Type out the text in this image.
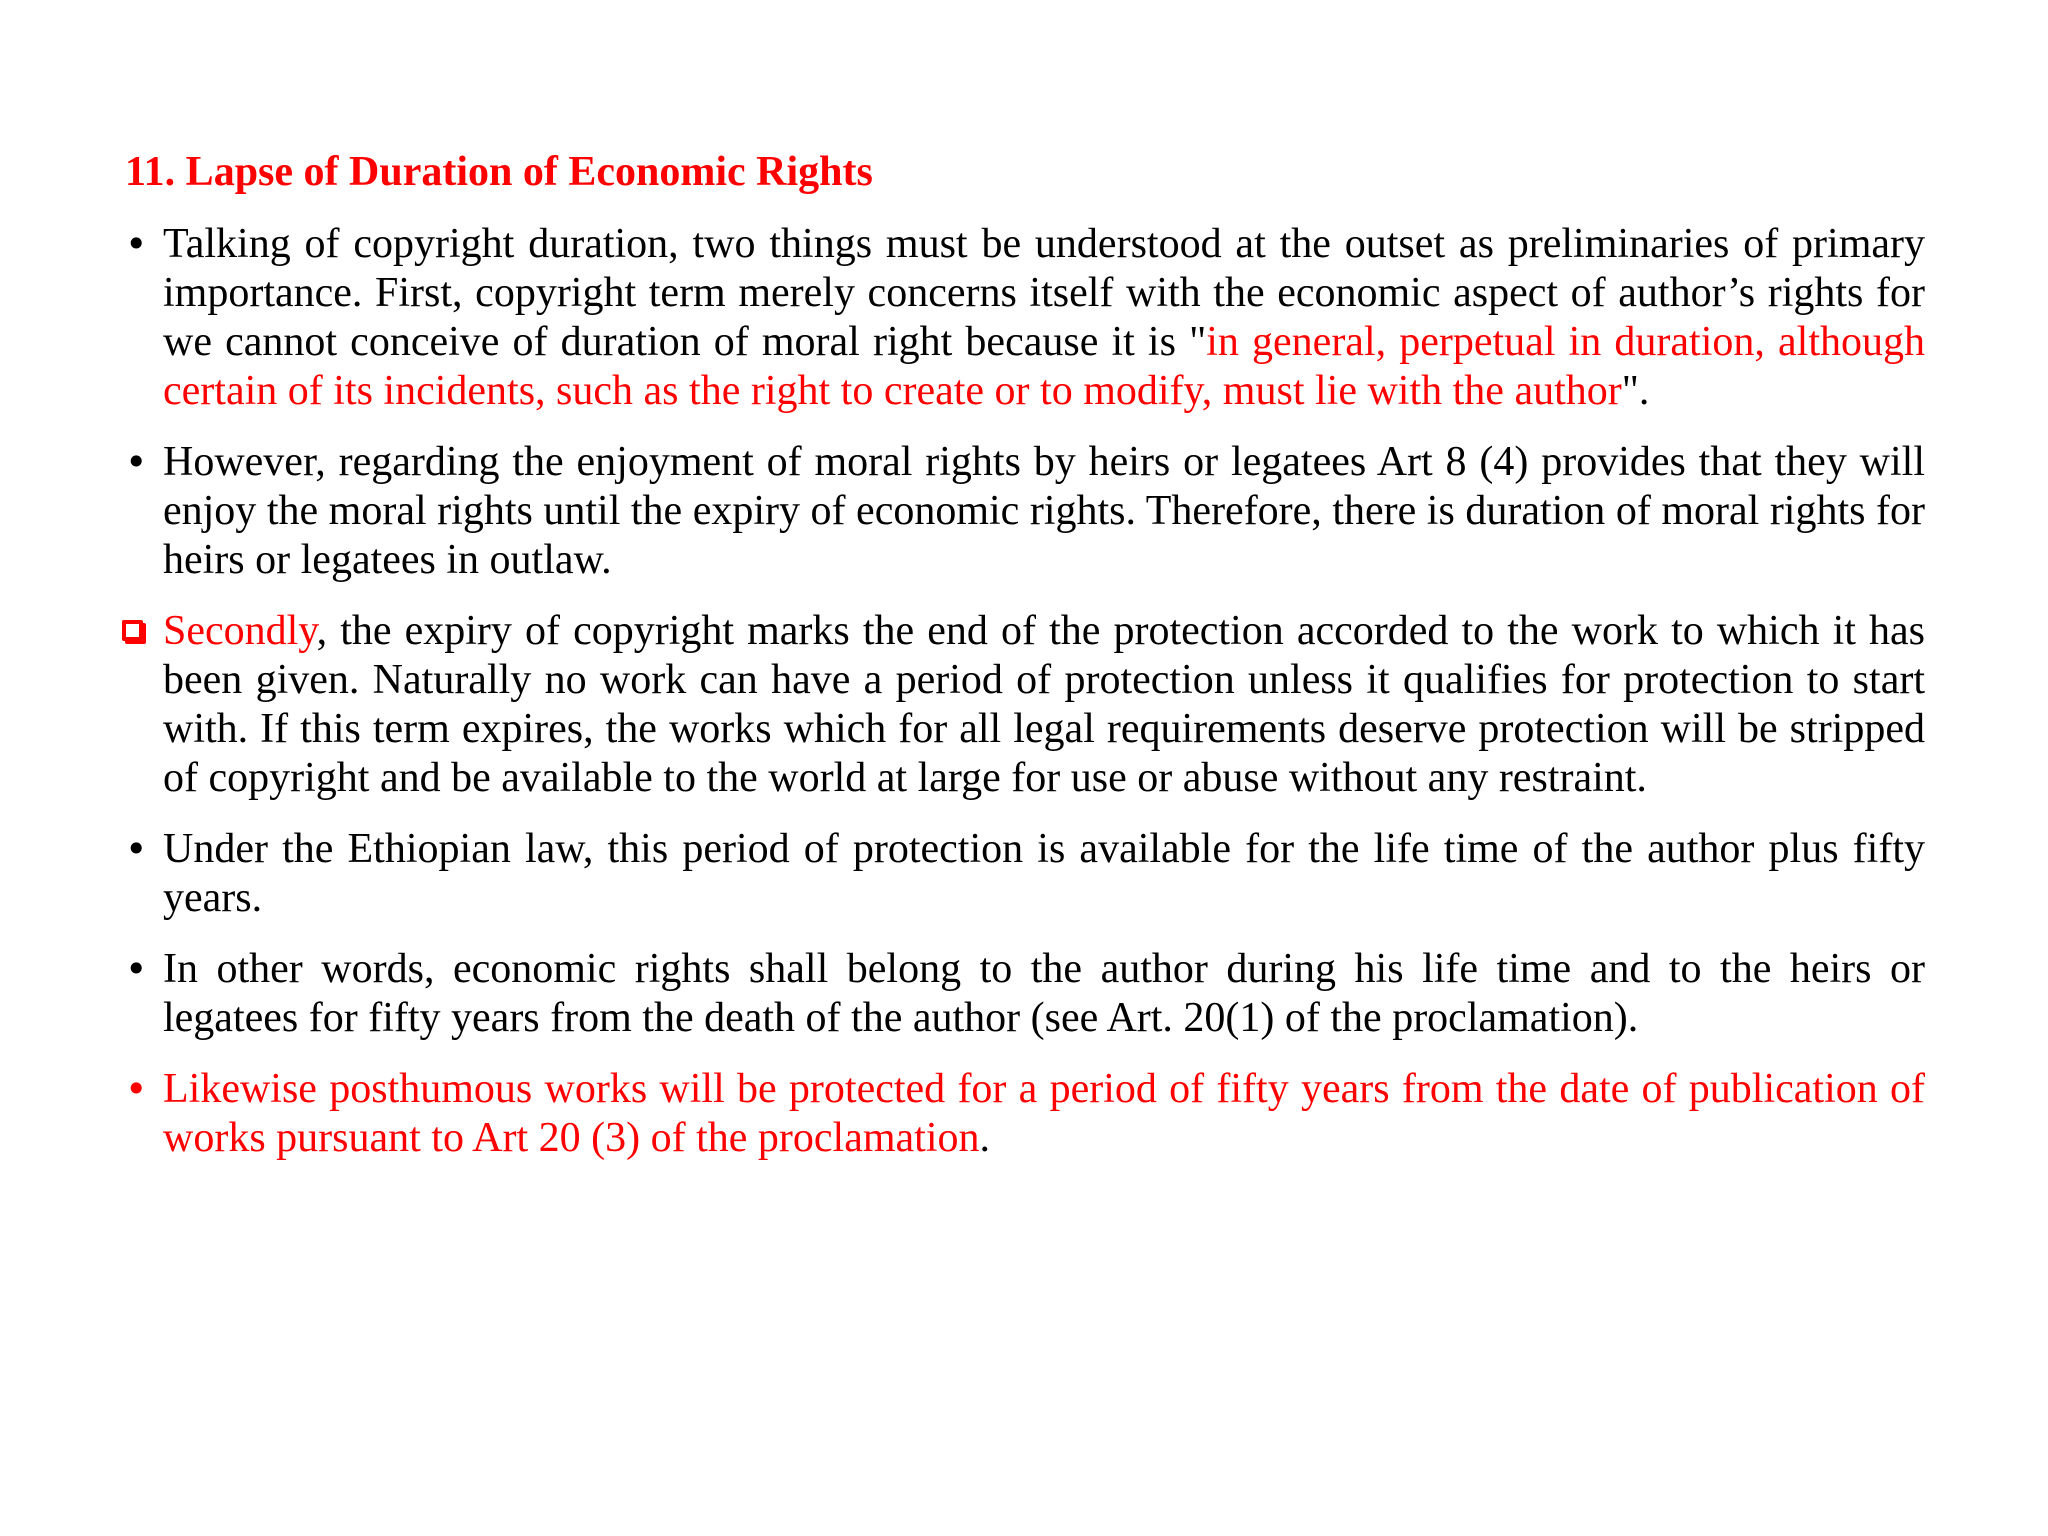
11. Lapse of Duration of Economic Rights
• Talking of copyright duration, two things must be understood at the outset as preliminaries of primary importance. First, copyright term merely concerns itself with the economic aspect of author’s rights for we cannot conceive of duration of moral right because it is "in general, perpetual in duration, although certain of its incidents, such as the right to create or to modify, must lie with the author".
• However, regarding the enjoyment of moral rights by heirs or legatees Art 8 (4) provides that they will enjoy the moral rights until the expiry of economic rights. Therefore, there is duration of moral rights for heirs or legatees in outlaw.
Secondly, the expiry of copyright marks the end of the protection accorded to the work to which it has been given. Naturally no work can have a period of protection unless it qualifies for protection to start with. If this term expires, the works which for all legal requirements deserve protection will be stripped of copyright and be available to the world at large for use or abuse without any restraint.
• Under the Ethiopian law, this period of protection is available for the life time of the author plus fifty years.
• In other words, economic rights shall belong to the author during his life time and to the heirs or legatees for fifty years from the death of the author (see Art. 20(1) of the proclamation).
• Likewise posthumous works will be protected for a period of fifty years from the date of publication of works pursuant to Art 20 (3) of the proclamation.
